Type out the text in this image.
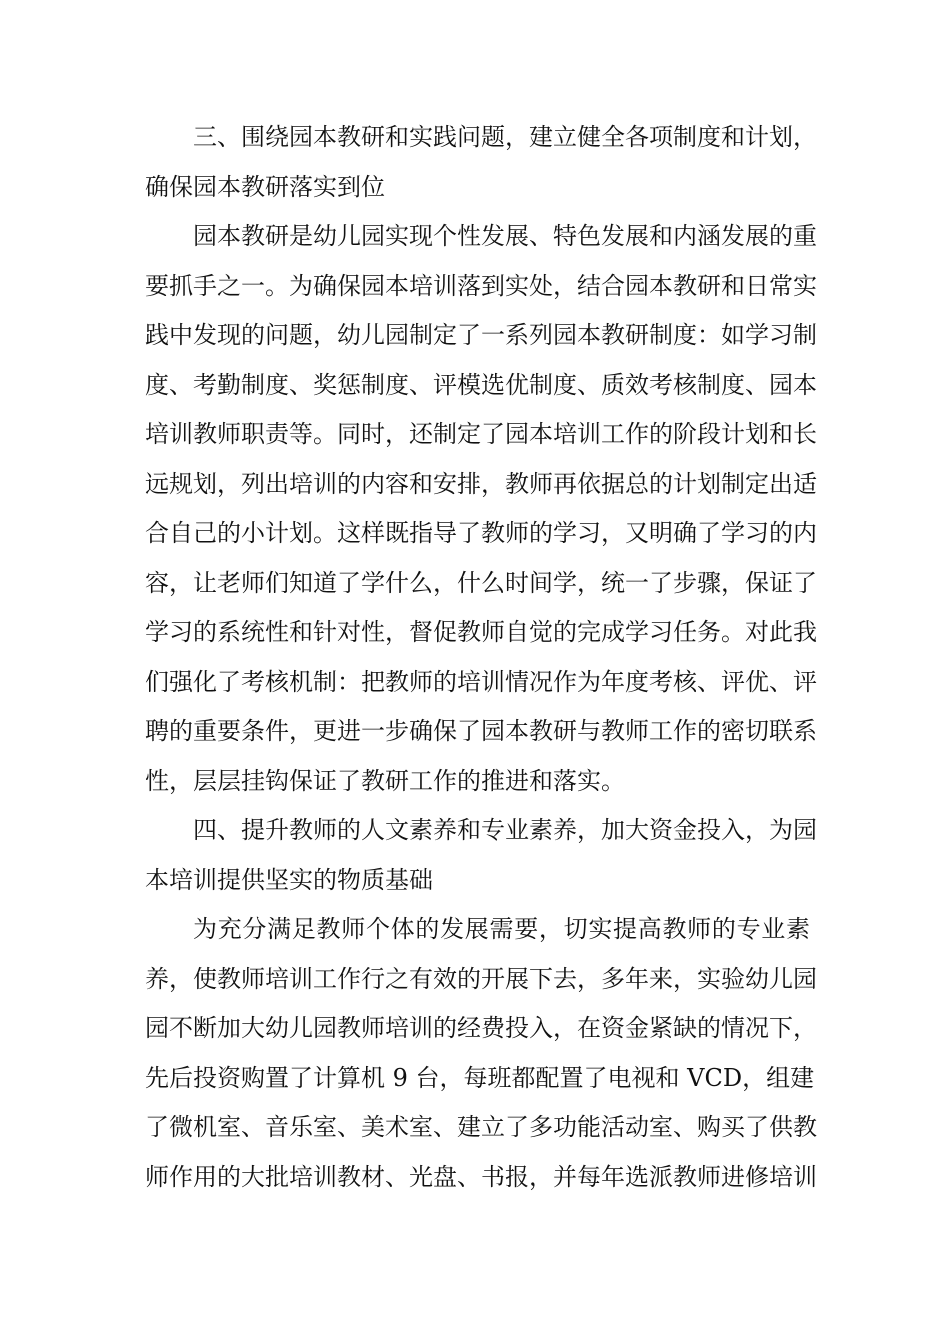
三、围绕园本教研和实践问题，建立健全各项制度和计划，
确保园本教研落实到位
园本教研是幼儿园实现个性发展、特色发展和内涵发展的重
要抓手之一。为确保园本培训落到实处，结合园本教研和日常实
践中发现的问题，幼儿园制定了一系列园本教研制度：如学习制
度、考勤制度、奖惩制度、评模选优制度、质效考核制度、园本
培训教师职责等。同时，还制定了园本培训工作的阶段计划和长
远规划，列出培训的内容和安排，教师再依据总的计划制定出适
合自己的小计划。这样既指导了教师的学习，又明确了学习的内
容，让老师们知道了学什么，什么时间学，统一了步骤，保证了
学习的系统性和针对性，督促教师自觉的完成学习任务。对此我
们强化了考核机制：把教师的培训情况作为年度考核、评优、评
聘的重要条件，更进一步确保了园本教研与教师工作的密切联系
性，层层挂钩保证了教研工作的推进和落实。
四、提升教师的人文素养和专业素养，加大资金投入，为园
本培训提供坚实的物质基础
为充分满足教师个体的发展需要，切实提高教师的专业素
养，使教师培训工作行之有效的开展下去，多年来，实验幼儿园
园不断加大幼儿园教师培训的经费投入，在资金紧缺的情况下，
先后投资购置了计算机 9 台，每班都配置了电视和 VCD，组建
了微机室、音乐室、美术室、建立了多功能活动室、购买了供教
师作用的大批培训教材、光盘、书报，并每年选派教师进修培训
